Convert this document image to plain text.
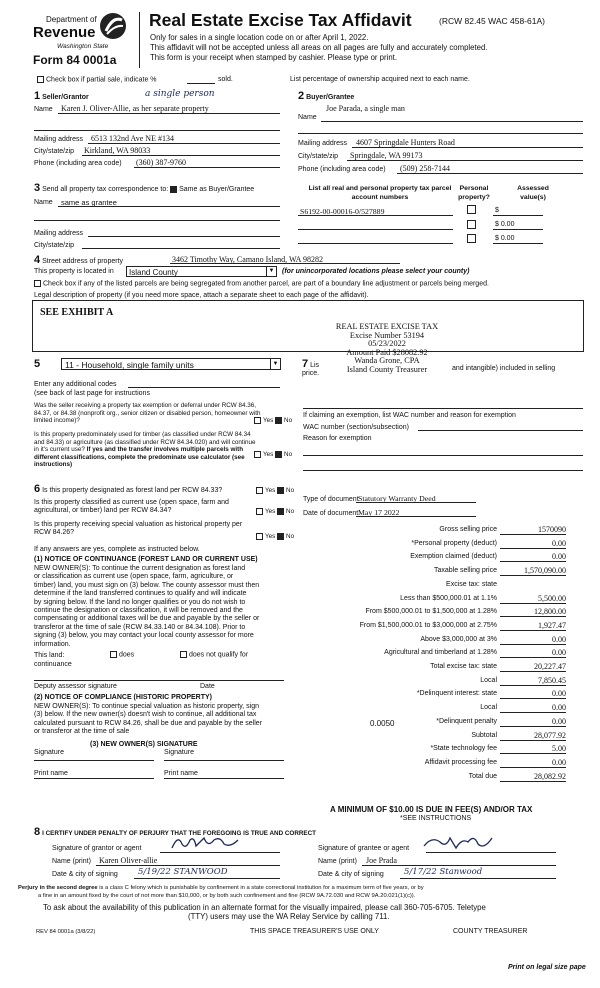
Department of
Revenue
Washington State
Form 84 0001a
Real Estate Excise Tax Affidavit	(RCW 82.45 WAC 458-61A)
Only for sales in a single location code on or after April 1, 2022.
This affidavit will not be accepted unless all areas on all pages are fully and accurately completed.
This form is your receipt when stamped by cashier. Please type or print.
Check box if partial sale, indicate %	sold.	List percentage of ownership acquired next to each name.
1 Seller/Grantor	a single person
Name Karen J. Oliver-Allie, as her separate property
Mailing address 6513 132nd Ave NE #134
City/state/zip Kirkland, WA 98033
Phone (including area code) (360) 387-9760
2 Buyer/Grantee
Joe Parada, a single man
Name
Mailing address 4607 Springdale Hunters Road
City/state/zip Springdale, WA 99173
Phone (including area code) (509) 258-7144
3 Send all property tax correspondence to: Same as Buyer/Grantee
Name same as grantee
Mailing address
City/state/zip
List all real and personal property tax parcel account numbers
Personal property?
Assessed value(s)
S6192-00-00016-0/527889	$
$ 0.00
$ 0.00
4 Street address of property	3462 Timothy Way, Camano Island, WA 98282
This property is located in Island County	▼ (for unincorporated locations please select your county)
Check box if any of the listed parcels are being segregated from another parcel, are part of a boundary line adjustment or parcels being merged.
Legal description of property (if you need more space, attach a separate sheet to each page of the affidavit).
SEE EXHIBIT A
REAL ESTATE EXCISE TAX
Excise Number 53194
05/23/2022
Amount Paid $28082.92
Wanda Grone, CPA
Island County Treasurer
5	11 - Household, single family units	▼ 7 Lis
price.
and intangible) included in selling
Enter any additional codes
(see back of last page for instructions
Was the seller receiving a property tax exemption or deferral under RCW 84.36, 84.37, or 84.38 (nonprofit org., senior citizen or disabled person, homeowner with limited income)?	Yes No
Is this property predominately used for timber (as classified under RCW 84.34 and 84.33) or agriculture (as classified under RCW 84.34.020) and will continue in it's current use? If yes and the transfer involves multiple parcels with different classifications, complete the predominate use calculator (see instructions)
Yes No
If claiming an exemption, list WAC number and reason for exemption
WAC number (section/subsection)
Reason for exemption
6 Is this property designated as forest land per RCW 84.33?	Yes No
Is this property classified as current use (open space, farm and agricultural, or timber) land per RCW 84.34?	Yes No
Is this property receiving special valuation as historical property per RCW 84.26?
Yes No
If any answers are yes, complete as instructed below.
(1) NOTICE OF CONTINUANCE (FOREST LAND OR CURRENT USE)
NEW OWNER(S): To continue the current designation as forest land
or classification as current use (open space, farm, agriculture, or
timber) land, you must sign on (3) below. The county assessor must then
determine if the land transferred continues to qualify and will indicate
by signing below. If the land no longer qualifies or you do not wish to
continue the designation or classification, it will be removed and the
compensating or additional taxes will be due and payable by the seller or
transferor at the time of sale (RCW 84.33.140 or 84.34.108). Prior to
signing (3) below, you may contact your local county assessor for more
information.
This land:	does	does not qualify for
continuance
Deputy assessor signature	Date
(2) NOTICE OF COMPLIANCE (HISTORIC PROPERTY)
NEW OWNER(S): To continue special valuation as historic property, sign
(3) below. If the new owner(s) doesn't wish to continue, all additional tax
calculated pursuant to RCW 84.26, shall be due and payable by the seller
or transferor at the time of sale
(3) NEW OWNER(S) SIGNATURE
Signature	Signature
Print name	Print name
Type of document Statutory Warranty Deed
Date of document May 17 2022
Gross selling price	1570090
*Personal property (deduct)	0.00
Exemption claimed (deduct)	0.00
Taxable selling price	1,570,090.00
Excise tax: state
Less than $500,000.01 at 1.1%	5,500.00
From $500,000.01 to $1,500,000 at 1.28%	12,800.00
From $1,500,000.01 to $3,000,000 at 2.75%	1,927.47
Above $3,000,000 at 3%	0.00
Agricultural and timberland at 1.28%	0.00
Total excise tax: state	20,227.47
Local	7,850.45
*Delinquent interest: state	0.00
Local	0.00
*Delinquent penalty	0.00
Subtotal	28,077.92
*State technology fee	5.00
Affidavit processing fee	0.00
Total due	28,082.92
0.0050
A MINIMUM OF $10.00 IS DUE IN FEE(S) AND/OR TAX
*SEE INSTRUCTIONS
8 I CERTIFY UNDER PENALTY OF PERJURY THAT THE FOREGOING IS TRUE AND CORRECT
Signature of grantor or agent
Name (print) Karen Oliver-allie
Date & city of signing 5/19/22 STANWOOD
Signature of grantee or agent
Name (print) Joe Prada
Date & city of signing 5/17/22 Stanwood
Perjury in the second degree is a class C felony which is punishable by confinement in a state correctional institution for a maximum term of five years, or by
a fine in an amount fixed by the court of not more than $10,000, or by both such confinement and fine (RCW 9A.72.030 and RCW 9A.20.021(1)(c)).
To ask about the availability of this publication in an alternate format for the visually impaired, please call 360-705-6705. Teletype
(TTY) users may use the WA Relay Service by calling 711.
REV 84 0001a (3/8/22)	THIS SPACE TREASURER'S USE ONLY	COUNTY TREASURER
Print on legal size pape
